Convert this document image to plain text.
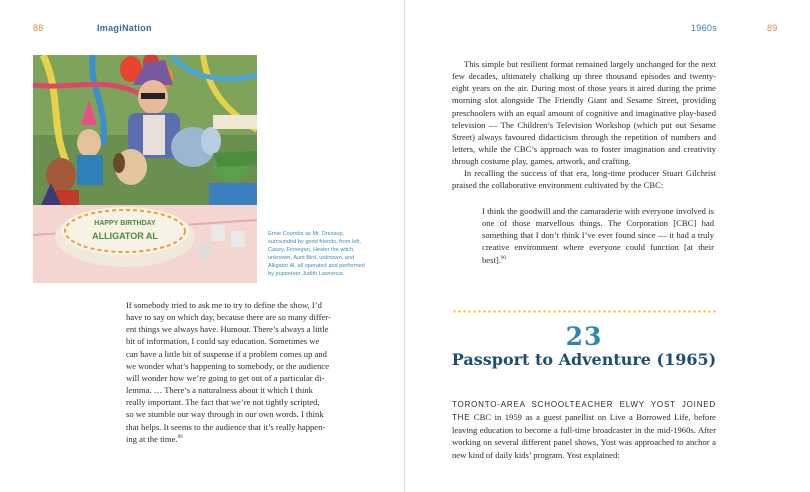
88	ImagiNation
HAPPY BIRTHDAY
ALLIGATOR AL	Ernie Coombs as Mr. Dressup, surrounded by good friends, from left, Casey, Finnegan, Hester the witch, unknown, Aunt Bird, unknown, and Alligator Al, all operated and performed by puppeteer Judith Lawrence.
If somebody tried to ask me to try to define the show, I’d
have to say on which day, because there are so many differ-
ent things we always have. Humour. There’s always a little
bit of information, I could say education. Sometimes we
can have a little bit of suspense if a problem comes up and
we wonder what’s happening to somebody, or the audience
will wonder how we’re going to get out of a particular di-
lemma. … There’s a naturalness about it which I think
really important. The fact that we’re not tightly scripted,
so we stumble our way through in our own words. I think
that helps. It seems to the audience that it’s really happen-
ing at the time.$^{89}$
1960s	89
This simple but resilient format remained largely unchanged for the next few decades, ultimately chalking up three thousand episodes and twenty-eight years on the air. During most of those years it aired during the prime morning slot alongside The Friendly Giant and Sesame Street, providing preschoolers with an equal amount of cognitive and imaginative play-based television — The Children’s Television Workshop (which put out Sesame Street) always favoured didacticism through the repetition of numbers and letters, while the CBC’s approach was to foster imagination and creativity through costume play, games, artwork, and crafting.
In recalling the success of that era, long-time producer Stuart Gilchrist praised the collaborative environment cultivated by the CBC:
I think the goodwill and the camaraderie with everyone involved is one of those marvellous things. The Corporation [CBC] had something that I don’t think I’ve ever found since — it had a truly creative environment where everyone could function [at their best].$^{90}$
23
Passport to Adventure (1965)
TORONTO-AREA SCHOOLTEACHER ELWY YOST JOINED THE CBC in 1959 as a guest panellist on Live a Borrowed Life, before leaving education to become a full-time broadcaster in the mid-1960s. After working on several different panel shows, Yost was approached to anchor a new kind of daily kids’ program. Yost explained:
